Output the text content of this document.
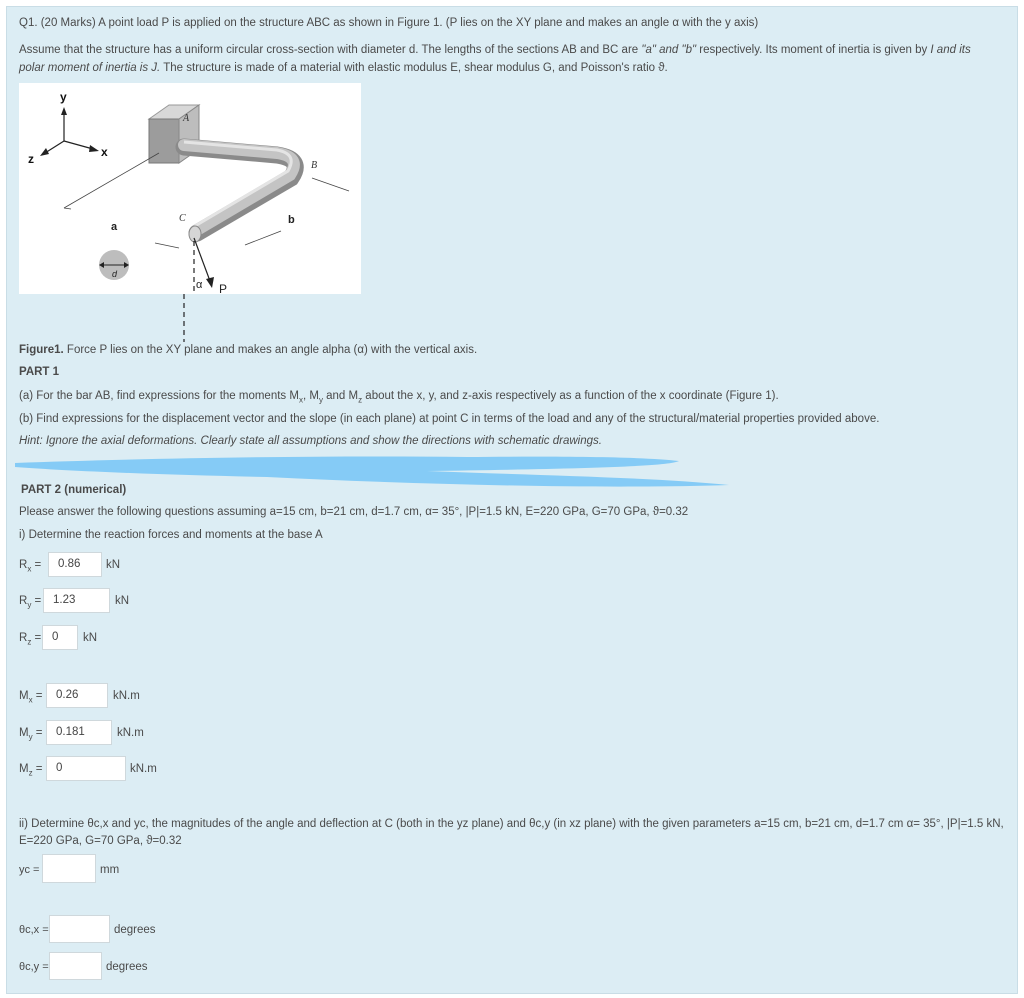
Q1. (20 Marks) A point load P is applied on the structure ABC as shown in Figure 1. (P lies on the XY plane and makes an angle α with the y axis)
Assume that the structure has a uniform circular cross-section with diameter d. The lengths of the sections AB and BC are "a" and "b" respectively. Its moment of inertia is given by I and its
polar moment of inertia is J. The structure is made of a material with elastic modulus E, shear modulus G, and Poisson's ratio ϑ.
y
x
z
A
B
C
a
b
d
α P
Figure1. Force P lies on the XY plane and makes an angle alpha (α) with the vertical axis.
PART 1
(a) For the bar AB, find expressions for the moments $M_x$, $M_y$ and $M_z$ about the x, y, and z-axis respectively as a function of the x coordinate (Figure 1).
(b) Find expressions for the displacement vector and the slope (in each plane) at point C in terms of the load and any of the structural/material properties provided above.
Hint: Ignore the axial deformations. Clearly state all assumptions and show the directions with schematic drawings.
PART 2 (numerical)
Please answer the following questions assuming a=15 cm, b=21 cm, d=1.7 cm, α= 35°, |P|=1.5 kN, E=220 GPa, G=70 GPa, ϑ=0.32
i) Determine the reaction forces and moments at the base A
$R_x$ =	0.86	kN
$R_y$ =	1.23	kN
$R_z = 0$	kN
$M_x$ =	0.26	kN.m
$M_y$ =	0.181	kN.m
$M_z$ =	0	kN.m
ii) Determine θc,x and yc, the magnitudes of the angle and deflection at C (both in the yz plane) and θc,y (in xz plane) with the given parameters a=15 cm, b=21 cm, d=1.7 cm α= 35°, |P|=1.5 kN,
E=220 GPa, G=70 GPa, ϑ=0.32
yc =	mm
θc,x =	degrees
θc,y =	degrees
